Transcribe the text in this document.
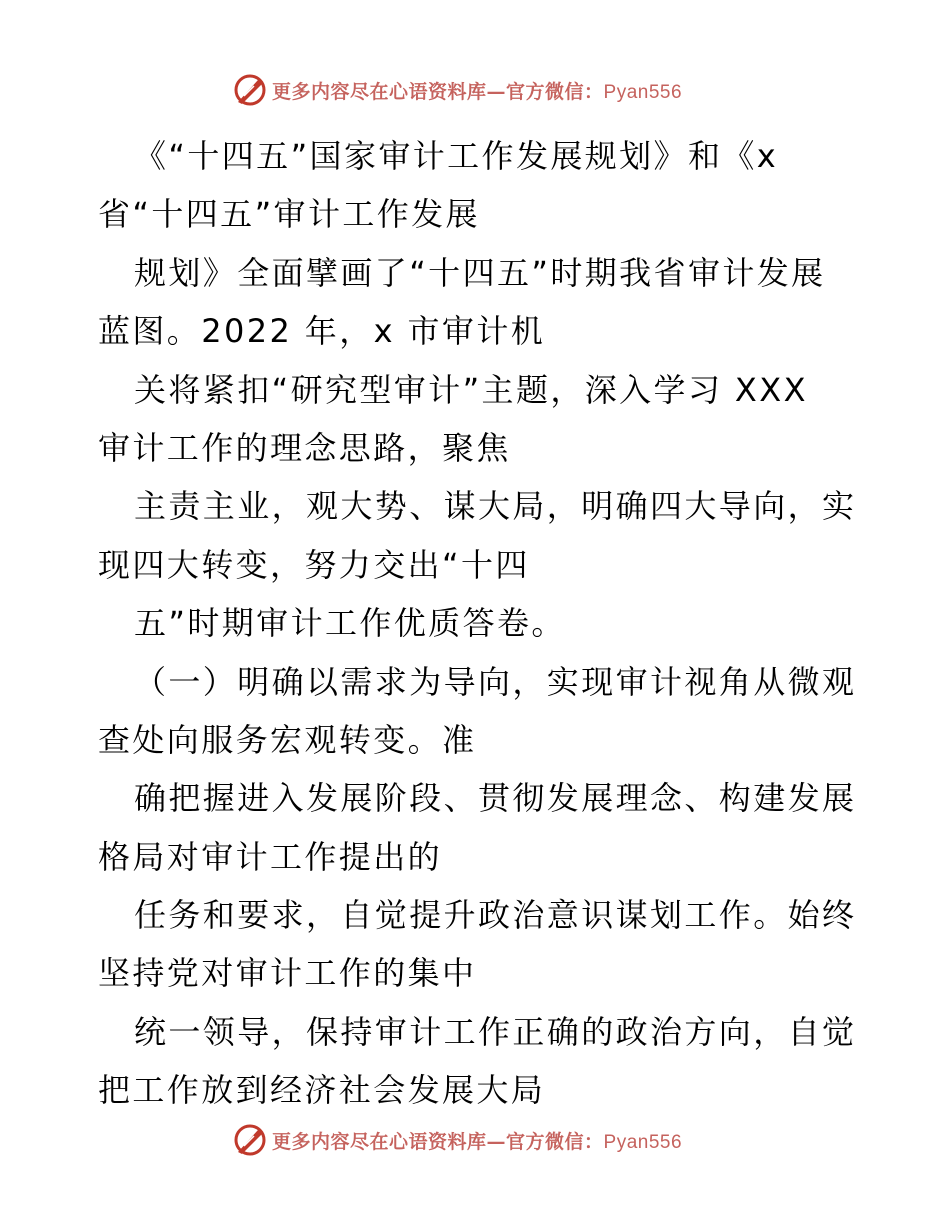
更多内容尽在心语资料库—官方微信：Pyan556
《“十四五”国家审计工作发展规划》和《x
省“十四五”审计工作发展
规划》全面擘画了“十四五”时期我省审计发展
蓝图。2022 年，x 市审计机
关将紧扣“研究型审计”主题，深入学习 XXX
审计工作的理念思路，聚焦
主责主业，观大势、谋大局，明确四大导向，实
现四大转变，努力交出“十四
五”时期审计工作优质答卷。
（一）明确以需求为导向，实现审计视角从微观
查处向服务宏观转变。准
确把握进入发展阶段、贯彻发展理念、构建发展
格局对审计工作提出的
任务和要求，自觉提升政治意识谋划工作。始终
坚持党对审计工作的集中
统一领导，保持审计工作正确的政治方向，自觉
把工作放到经济社会发展大局
更多内容尽在心语资料库—官方微信：Pyan556
